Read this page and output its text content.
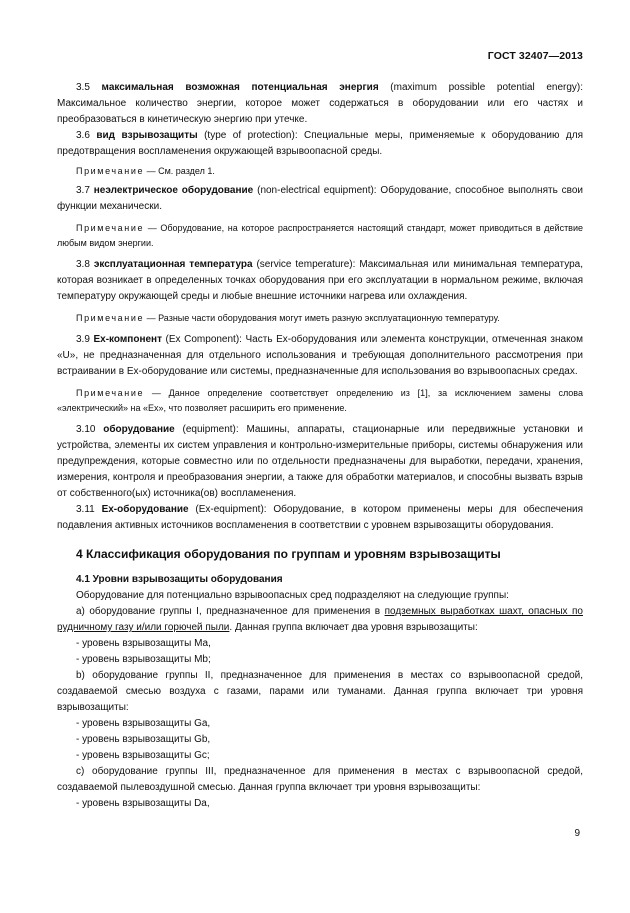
ГОСТ 32407—2013

3.5 максимальная возможная потенциальная энергия (maximum possible potential energy): Максимальное количество энергии, которое может содержаться в оборудовании или его частях и преобразоваться в кинетическую энергию при утечке.

3.6 вид взрывозащиты (type of protection): Специальные меры, применяемые к оборудованию для предотвращения воспламенения окружающей взрывоопасной среды.

Примечание — См. раздел 1.

3.7 неэлектрическое оборудование (non-electrical equipment): Оборудование, способное выполнять свои функции механически.

Примечание — Оборудование, на которое распространяется настоящий стандарт, может приводиться в действие любым видом энергии.

3.8 эксплуатационная температура (service temperature): Максимальная или минимальная температура, которая возникает в определенных точках оборудования при его эксплуатации в нормальном режиме, включая температуру окружающей среды и любые внешние источники нагрева или охлаждения.

Примечание — Разные части оборудования могут иметь разную эксплуатационную температуру.

3.9 Ex-компонент (Ex Component): Часть Ex-оборудования или элемента конструкции, отмеченная знаком «U», не предназначенная для отдельного использования и требующая дополнительного рассмотрения при встраивании в Ex-оборудование или системы, предназначенные для использования во взрывоопасных средах.

Примечание — Данное определение соответствует определению из [1], за исключением замены слова «электрический» на «Ex», что позволяет расширить его применение.

3.10 оборудование (equipment): Машины, аппараты, стационарные или передвижные установки и устройства, элементы их систем управления и контрольно-измерительные приборы, системы обнаружения или предупреждения, которые совместно или по отдельности предназначены для выработки, передачи, хранения, измерения, контроля и преобразования энергии, а также для обработки материалов, и способны вызвать взрыв от собственного(ых) источника(ов) воспламенения.

3.11 Ex-оборудование (Ex-equipment): Оборудование, в котором применены меры для обеспечения подавления активных источников воспламенения в соответствии с уровнем взрывозащиты оборудования.

4 Классификация оборудования по группам и уровням взрывозащиты

4.1 Уровни взрывозащиты оборудования

Оборудование для потенциально взрывоопасных сред подразделяют на следующие группы:

а) оборудование группы I, предназначенное для применения в подземных выработках шахт, опасных по рудничному газу и/или горючей пыли. Данная группа включает два уровня взрывозащиты:

- уровень взрывозащиты Ма,

- уровень взрывозащиты Mb;

b) оборудование группы II, предназначенное для применения в местах со взрывоопасной средой, создаваемой смесью воздуха с газами, парами или туманами. Данная группа включает три уровня взрывозащиты:

- уровень взрывозащиты Ga,

- уровень взрывозащиты Gb,

- уровень взрывозащиты Gc;

c) оборудование группы III, предназначенное для применения в местах с взрывоопасной средой, создаваемой пылевоздушной смесью. Данная группа включает три уровня взрывозащиты:

- уровень взрывозащиты Da,

9
